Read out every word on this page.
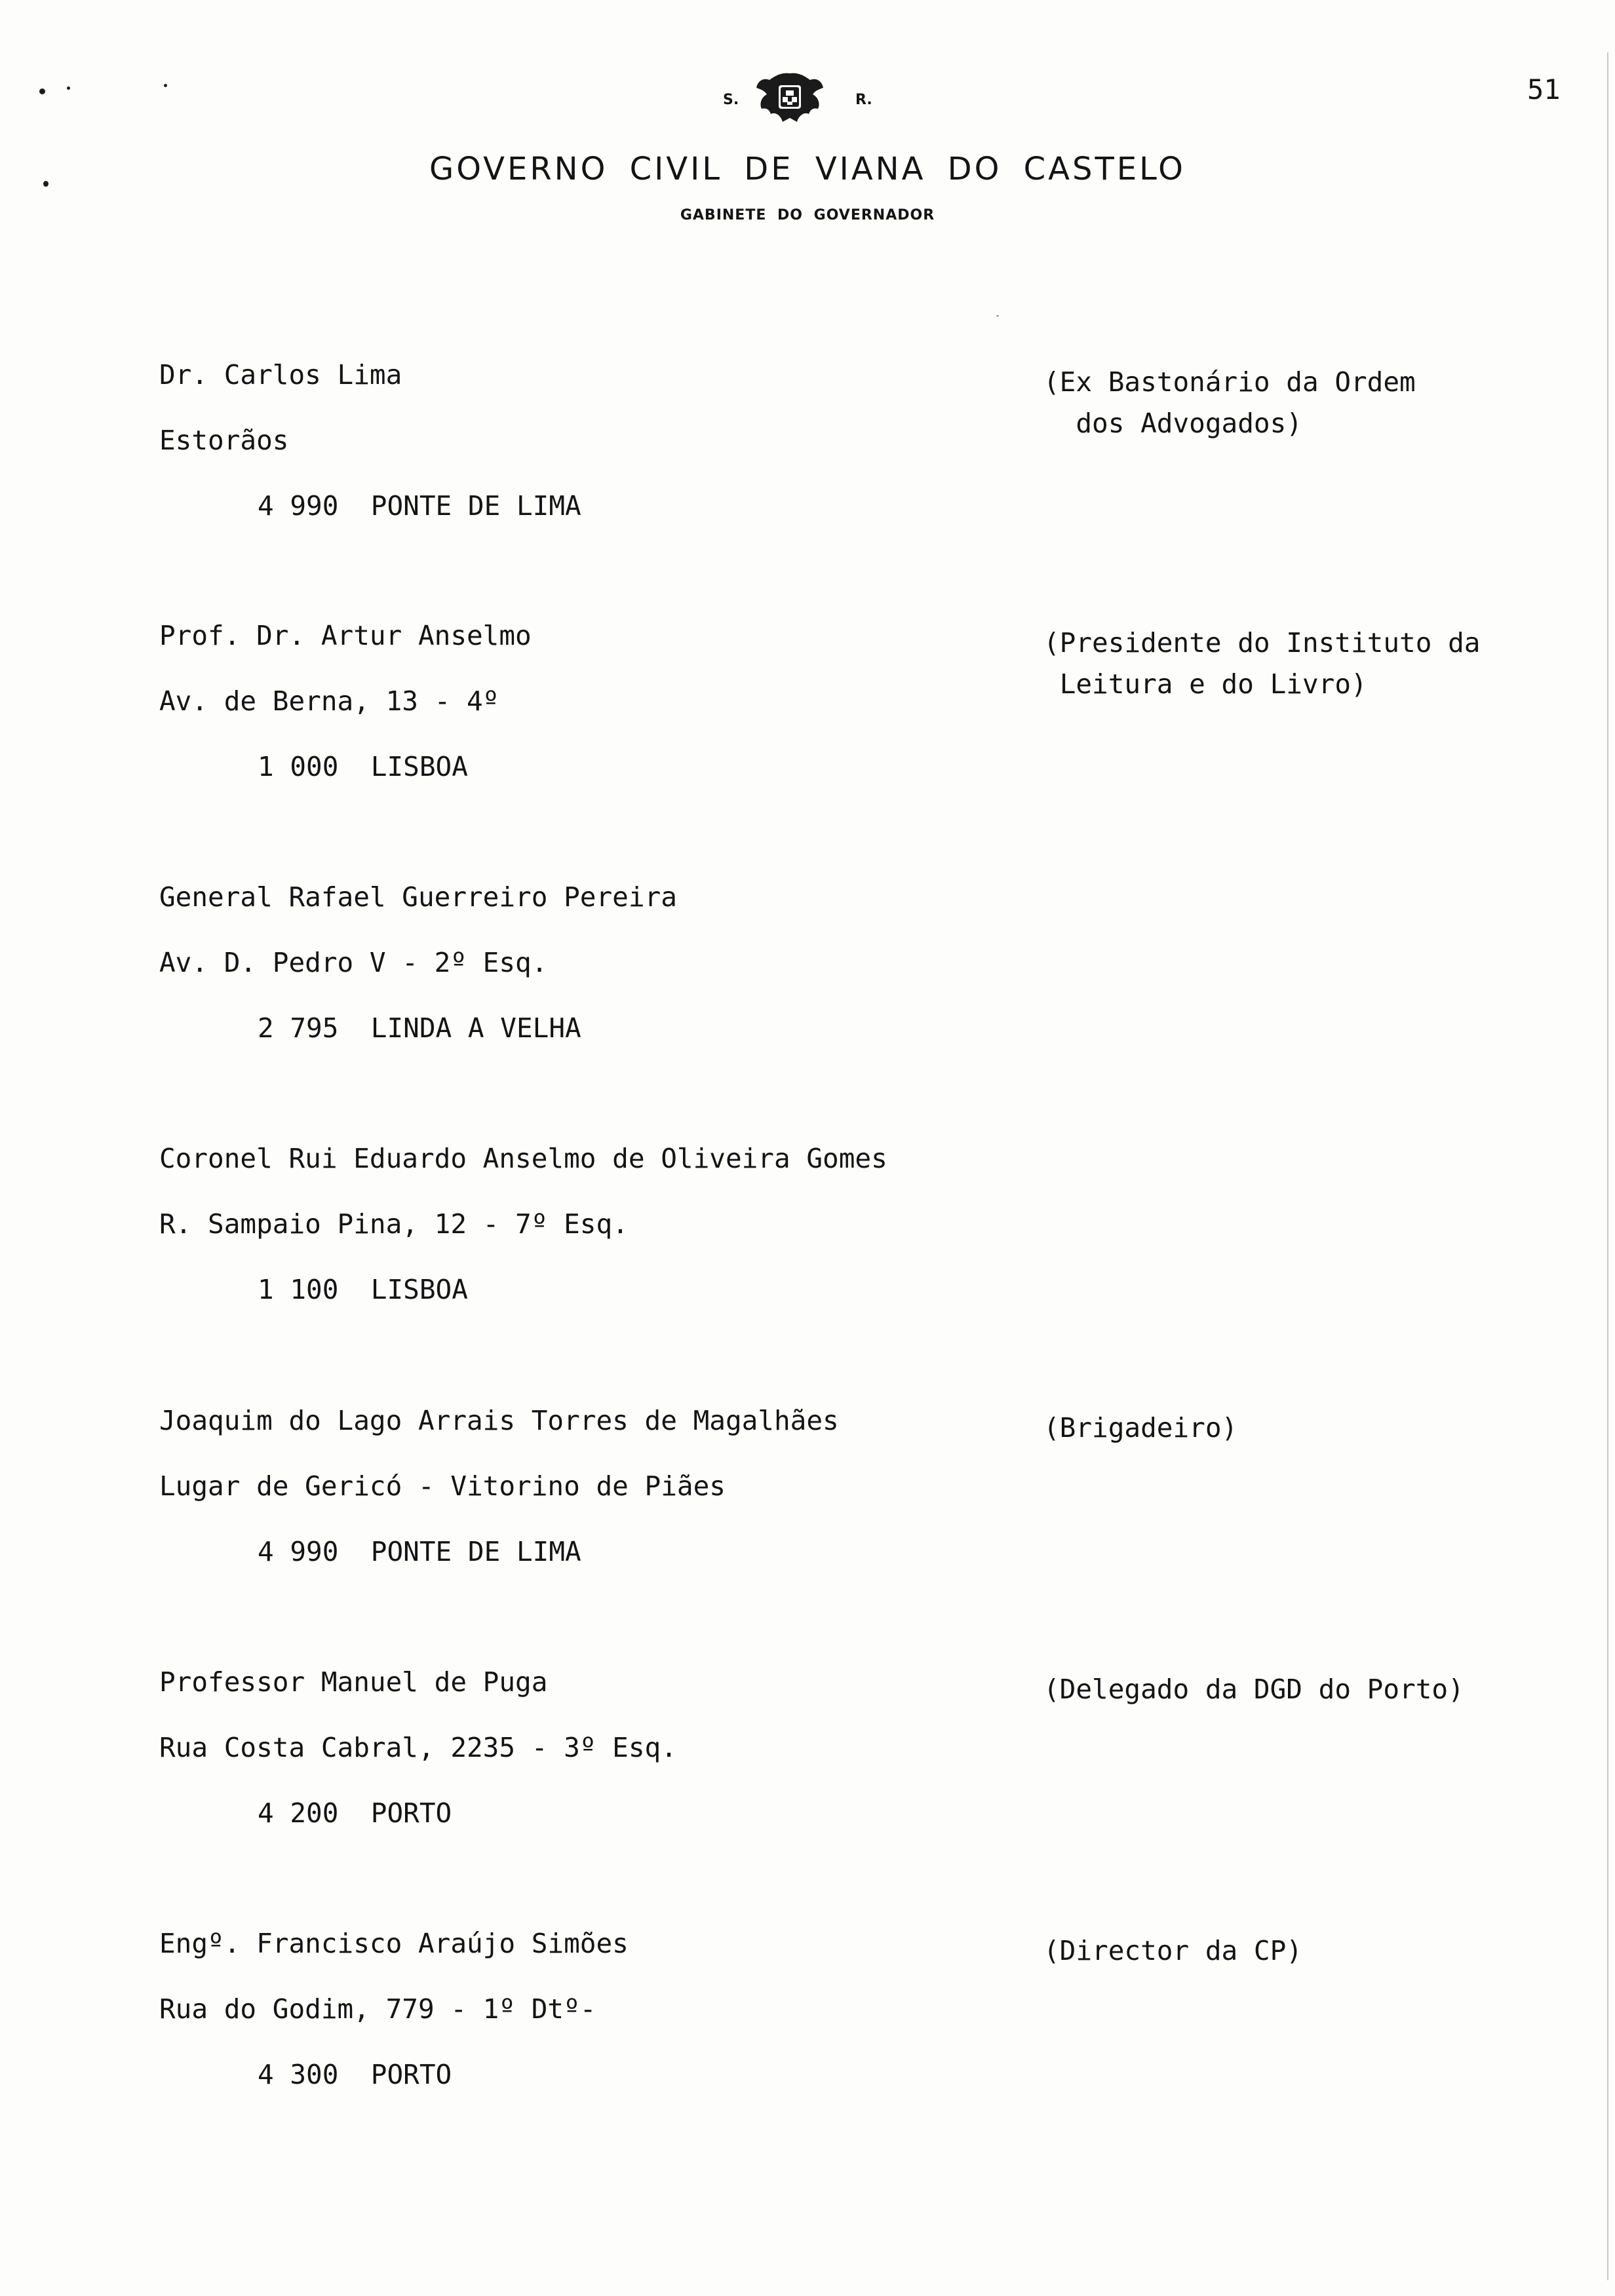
51
S.	R.
GOVERNO CIVIL DE VIANA DO CASTELO
GABINETE DO GOVERNADOR
Dr. Carlos Lima
Estorãos
4 990  PONTE DE LIMA
(Ex Bastonário da Ordem
dos Advogados)
Prof. Dr. Artur Anselmo
Av. de Berna, 13 - 4º
1 000  LISBOA
(Presidente do Instituto da
Leitura e do Livro)
General Rafael Guerreiro Pereira
Av. D. Pedro V - 2º Esq.
2 795  LINDA A VELHA
Coronel Rui Eduardo Anselmo de Oliveira Gomes
R. Sampaio Pina, 12 - 7º Esq.
1 100  LISBOA
Joaquim do Lago Arrais Torres de Magalhães
Lugar de Gericó - Vitorino de Piães
4 990  PONTE DE LIMA
(Brigadeiro)
Professor Manuel de Puga
Rua Costa Cabral, 2235 - 3º Esq.
4 200  PORTO
(Delegado da DGD do Porto)
Engº. Francisco Araújo Simões
Rua do Godim, 779 - 1º Dtº-
4 300  PORTO
(Director da CP)
